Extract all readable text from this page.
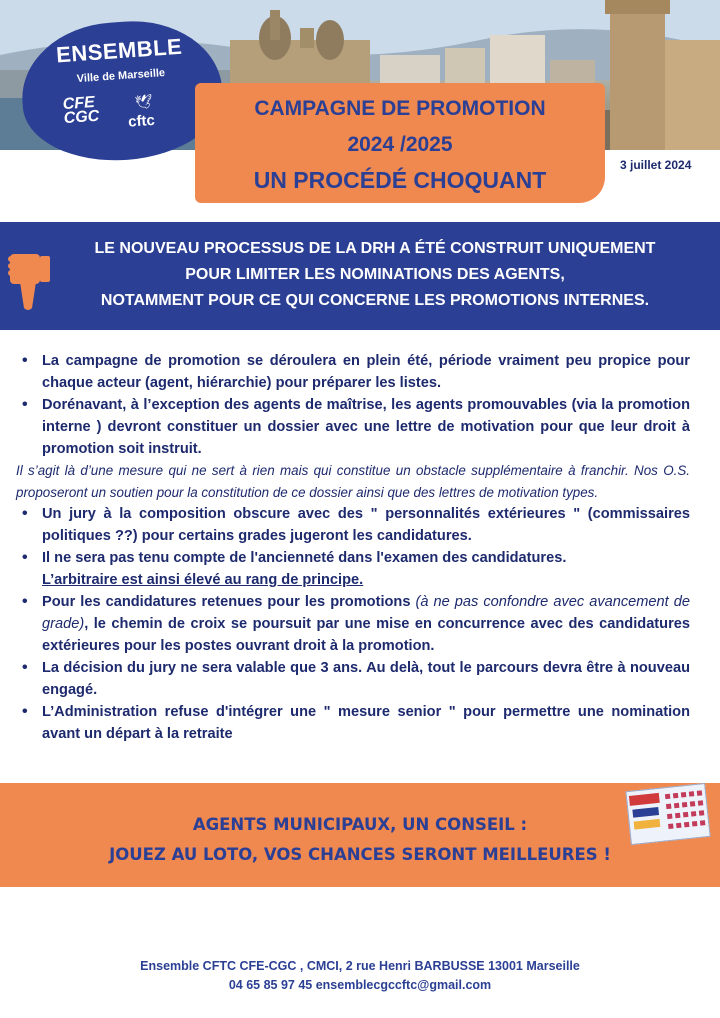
ENSEMBLE
Ville de Marseille
CFE
CGC
🕊
cftc
CAMPAGNE DE PROMOTION
2024 /2025
UN PROCÉDÉ CHOQUANT
3 juillet 2024
LE NOUVEAU PROCESSUS DE LA DRH A ÉTÉ CONSTRUIT UNIQUEMENT
POUR LIMITER LES NOMINATIONS DES AGENTS,
NOTAMMENT POUR CE QUI CONCERNE LES PROMOTIONS INTERNES.
• La campagne de promotion se déroulera en plein été, période vraiment peu propice pour chaque acteur (agent, hiérarchie) pour préparer les listes.
• Dorénavant, à l’exception des agents de maîtrise, les agents promouvables (via la promotion interne ) devront constituer un dossier avec une lettre de motivation pour que leur droit à promotion soit instruit.

Il s’agit là d’une mesure qui ne sert à rien mais qui constitue un obstacle supplémentaire à franchir. Nos O.S. proposeront un soutien pour la constitution de ce dossier ainsi que des lettres de motivation types.

• Un jury à la composition obscure avec des " personnalités extérieures " (commissaires politiques ??) pour certains grades jugeront les candidatures.
• Il ne sera pas tenu compte de l'ancienneté dans l'examen des candidatures.
L’arbitraire est ainsi élevé au rang de principe.
• Pour les candidatures retenues pour les promotions (à ne pas confondre avec avancement de grade), le chemin de croix se poursuit par une mise en concurrence avec des candidatures extérieures pour les postes ouvrant droit à la promotion.
• La décision du jury ne sera valable que 3 ans. Au delà, tout le parcours devra être à nouveau engagé.
• L’Administration refuse d'intégrer une " mesure senior " pour permettre une nomination avant un départ à la retraite
AGENTS MUNICIPAUX, UN CONSEIL :
JOUEZ AU LOTO, VOS CHANCES SERONT MEILLEURES !
Ensemble CFTC CFE-CGC , CMCI, 2 rue Henri BARBUSSE 13001 Marseille
04 65 85 97 45 ensemblecgccftc@gmail.com
